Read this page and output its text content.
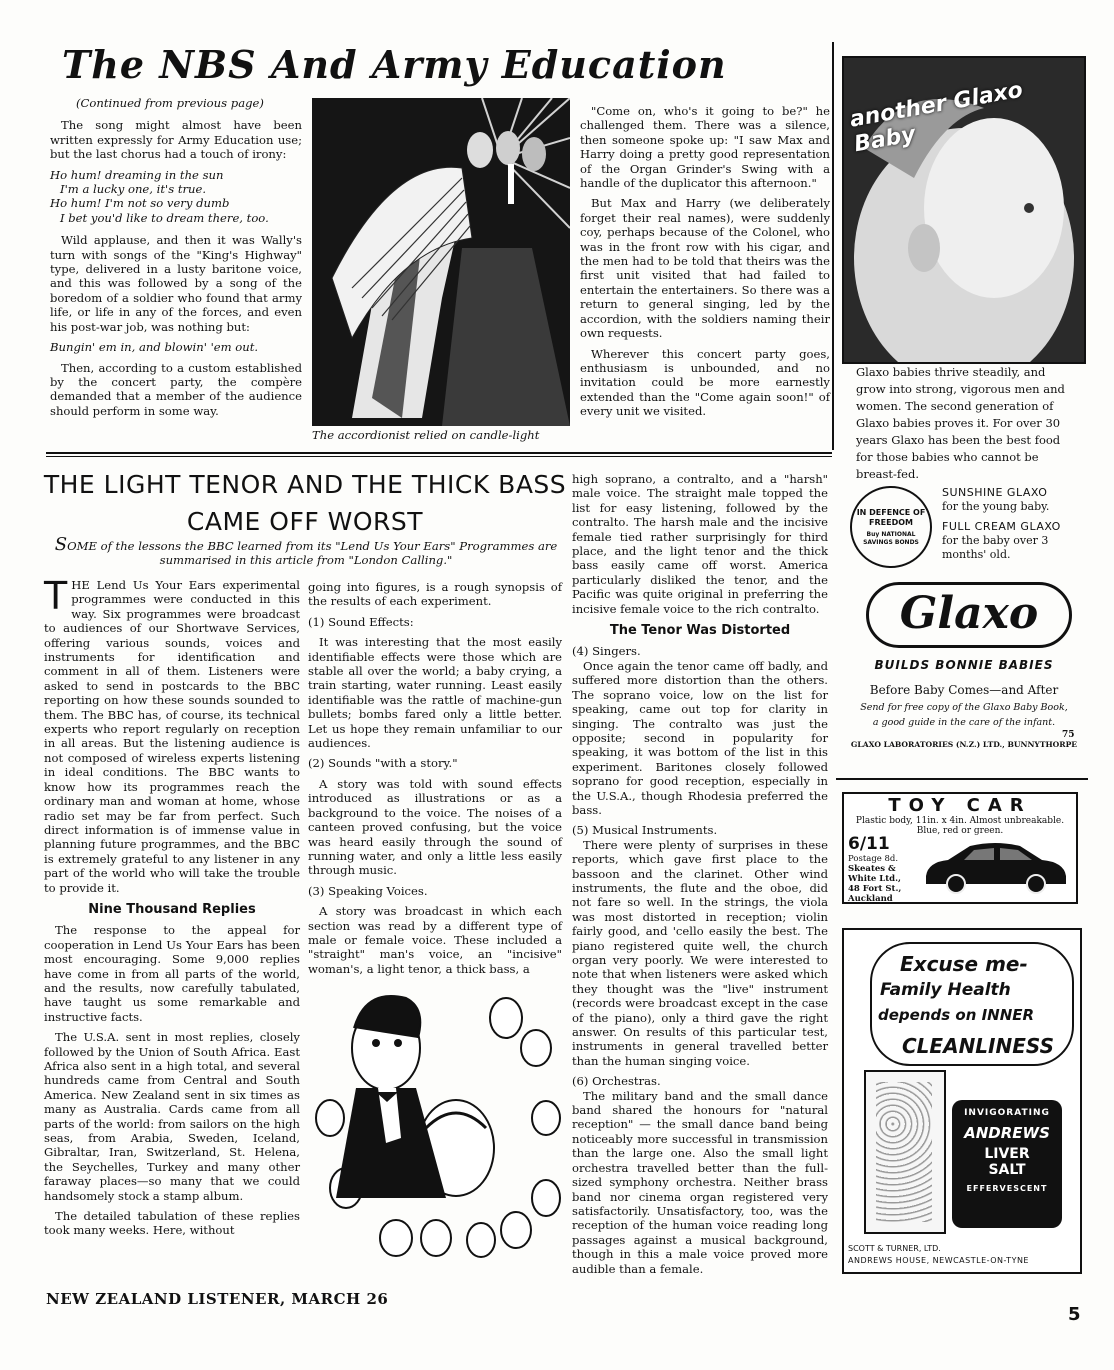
The NBS And Army Education

(Continued from previous page)

The song might almost have been written expressly for Army Education use; but the last chorus had a touch of irony:

Ho hum! dreaming in the sun
I'm a lucky one, it's true.
Ho hum! I'm not so very dumb
I bet you'd like to dream there, too.

Wild applause, and then it was Wally's turn with songs of the "King's Highway" type, delivered in a lusty baritone voice, and this was followed by a song of the boredom of a soldier who found that army life, or life in any of the forces, and even his post-war job, was nothing but:

Bungin' em in, and blowin' 'em out.

Then, according to a custom established by the concert party, the compère demanded that a member of the audience should perform in some way.

The accordionist relied on candle-light

"Come on, who's it going to be?" he challenged them. There was a silence, then someone spoke up: "I saw Max and Harry doing a pretty good representation of the Organ Grinder's Swing with a handle of the duplicator this afternoon."

But Max and Harry (we deliberately forget their real names), were suddenly coy, perhaps because of the Colonel, who was in the front row with his cigar, and the men had to be told that theirs was the first unit visited that had failed to entertain the entertainers. So there was a return to general singing, led by the accordion, with the soldiers naming their own requests.

Wherever this concert party goes, enthusiasm is unbounded, and no invitation could be more earnestly extended than the "Come again soon!" of every unit we visited.

THE LIGHT TENOR AND THE THICK BASS
CAME OFF WORST
SOME of the lessons the BBC learned from its "Lend Us Your Ears" Programmes are summarised in this article from "London Calling."

THE Lend Us Your Ears experimental programmes were conducted in this way. Six programmes were broadcast to audiences of our Shortwave Services, offering various sounds, voices and instruments for identification and comment in all of them. Listeners were asked to send in postcards to the BBC reporting on how these sounds sounded to them. The BBC has, of course, its technical experts who report regularly on reception in all areas. But the listening audience is not composed of wireless experts listening in ideal conditions. The BBC wants to know how its programmes reach the ordinary man and woman at home, whose radio set may be far from perfect. Such direct information is of immense value in planning future programmes, and the BBC is extremely grateful to any listener in any part of the world who will take the trouble to provide it.

Nine Thousand Replies

The response to the appeal for cooperation in Lend Us Your Ears has been most encouraging. Some 9,000 replies have come in from all parts of the world, and the results, now carefully tabulated, have taught us some remarkable and instructive facts.

The U.S.A. sent in most replies, closely followed by the Union of South Africa. East Africa also sent in a high total, and several hundreds came from Central and South America. New Zealand sent in six times as many as Australia. Cards came from all parts of the world: from sailors on the high seas, from Arabia, Sweden, Iceland, Gibraltar, Iran, Switzerland, St. Helena, the Seychelles, Turkey and many other faraway places—so many that we could handsomely stock a stamp album.

The detailed tabulation of these replies took many weeks. Here, without

going into figures, is a rough synopsis of the results of each experiment.

(1) Sound Effects:

It was interesting that the most easily identifiable effects were those which are stable all over the world; a baby crying, a train starting, water running. Least easily identifiable was the rattle of machine-gun bullets; bombs fared only a little better. Let us hope they remain unfamiliar to our audiences.

(2) Sounds "with a story."

A story was told with sound effects introduced as illustrations or as a background to the voice. The noises of a canteen proved confusing, but the voice was heard easily through the sound of running water, and only a little less easily through music.

(3) Speaking Voices.

A story was broadcast in which each section was read by a different type of male or female voice. These included a "straight" man's voice, an "incisive" woman's, a light tenor, a thick bass, a

high soprano, a contralto, and a "harsh" male voice. The straight male topped the list for easy listening, followed by the contralto. The harsh male and the incisive female tied rather surprisingly for third place, and the light tenor and the thick bass easily came off worst. America particularly disliked the tenor, and the Pacific was quite original in preferring the incisive female voice to the rich contralto.

The Tenor Was Distorted

(4) Singers.

Once again the tenor came off badly, and suffered more distortion than the others. The soprano voice, low on the list for speaking, came out top for clarity in singing. The contralto was just the opposite; second in popularity for speaking, it was bottom of the list in this experiment. Baritones closely followed soprano for good reception, especially in the U.S.A., though Rhodesia preferred the bass.

(5) Musical Instruments.

There were plenty of surprises in these reports, which gave first place to the bassoon and the clarinet. Other wind instruments, the flute and the oboe, did not fare so well. In the strings, the viola was most distorted in reception; violin fairly good, and 'cello easily the best. The piano registered quite well, the church organ very poorly. We were interested to note that when listeners were asked which they thought was the "live" instrument (records were broadcast except in the case of the piano), only a third gave the right answer. On results of this particular test, instruments in general travelled better than the human singing voice.

(6) Orchestras.

The military band and the small dance band shared the honours for "natural reception" — the small dance band being noticeably more successful in transmission than the large one. Also the small light orchestra travelled better than the full-sized symphony orchestra. Neither brass band nor cinema organ registered very satisfactorily. Unsatisfactory, too, was the reception of the human voice reading long passages against a musical background, though in this a male voice proved more audible than a female.

another Glaxo Baby
Glaxo babies thrive steadily, and grow into strong, vigorous men and women. The second generation of Glaxo babies proves it. For over 30 years Glaxo has been the best food for those babies who cannot be breast-fed.
IN DEFENCE OF FREEDOM
Buy NATIONAL SAVINGS BONDS
SUNSHINE GLAXO
for the young baby.
FULL CREAM GLAXO
for the baby over 3 months' old.
Glaxo
BUILDS BONNIE BABIES
Before Baby Comes—and After
Send for free copy of the Glaxo Baby Book,
a good guide in the care of the infant.
75
GLAXO LABORATORIES (N.Z.) LTD., BUNNYTHORPE
TOY CAR
Plastic body, 11in. x 4in. Almost unbreakable. Blue, red or green.
6/11
Postage 8d.
Skeates &
White Ltd.,
48 Fort St.,
Auckland
Excuse me-
Family Health
depends on INNER
CLEANLINESS
INVIGORATING
ANDREWS
LIVER
SALT
EFFERVESCENT
SCOTT & TURNER, LTD.
ANDREWS HOUSE, NEWCASTLE-ON-TYNE
NEW ZEALAND LISTENER, MARCH 26
5
